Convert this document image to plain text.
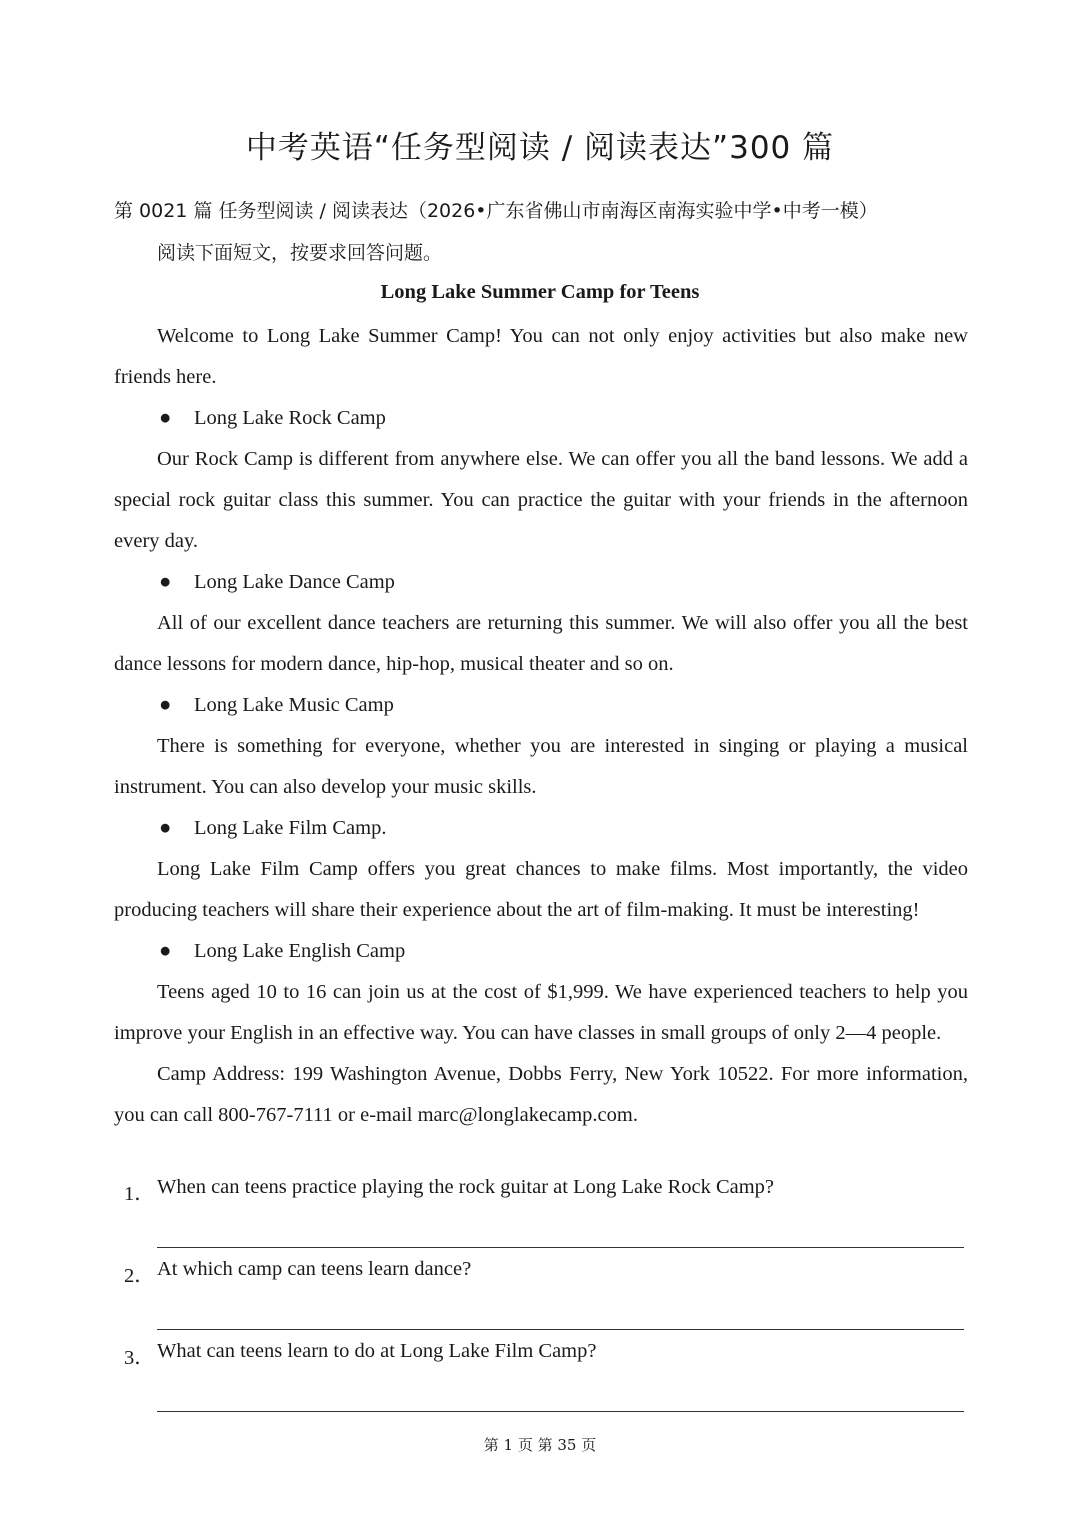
中考英语“任务型阅读 / 阅读表达”300 篇
第 0021 篇 任务型阅读 / 阅读表达（2026•广东省佛山市南海区南海实验中学•中考一模）
阅读下面短文，按要求回答问题。
Long Lake Summer Camp for Teens

Welcome to Long Lake Summer Camp! You can not only enjoy activities but also make new friends here.

● Long Lake Rock Camp

Our Rock Camp is different from anywhere else. We can offer you all the band lessons. We add a special rock guitar class this summer. You can practice the guitar with your friends in the afternoon every day.

● Long Lake Dance Camp

All of our excellent dance teachers are returning this summer. We will also offer you all the best dance lessons for modern dance, hip-hop, musical theater and so on.

● Long Lake Music Camp

There is something for everyone, whether you are interested in singing or playing a musical instrument. You can also develop your music skills.

● Long Lake Film Camp.

Long Lake Film Camp offers you great chances to make films. Most importantly, the video producing teachers will share their experience about the art of film-making. It must be interesting!

● Long Lake English Camp

Teens aged 10 to 16 can join us at the cost of $1,999. We have experienced teachers to help you improve your English in an effective way. You can have classes in small groups of only 2—4 people.

Camp Address: 199 Washington Avenue, Dobbs Ferry, New York 10522. For more information, you can call 800-767-7111 or e-mail marc@longlakecamp.com.

1． When can teens practice playing the rock guitar at Long Lake Rock Camp?
2． At which camp can teens learn dance?
3． What can teens learn to do at Long Lake Film Camp?
第 1 页 第 35 页
